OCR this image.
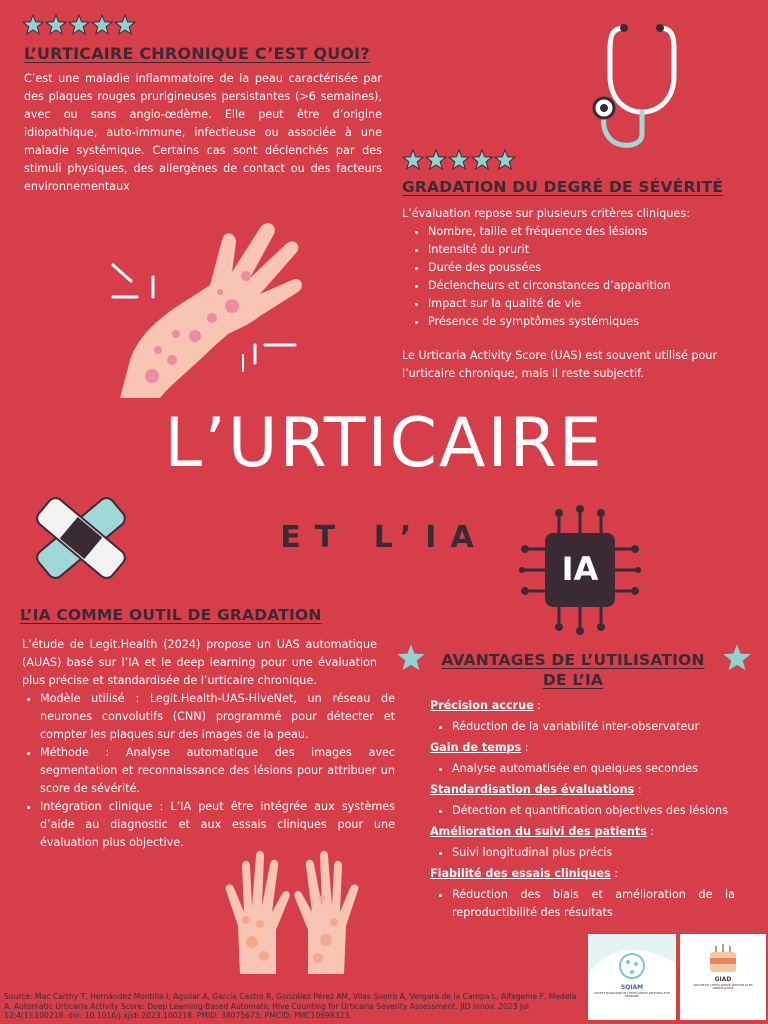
L’URTICAIRE CHRONIQUE C’EST QUOI?
C’est une maladie inflammatoire de la peau caractérisée par des plaques rouges prurigineuses persistantes (>6 semaines), avec ou sans angio-œdème. Elle peut être d’origine idiopathique, auto-immune, infectieuse ou associée à une maladie systémique. Certains cas sont déclenchés par des stimuli physiques, des allergènes de contact ou des facteurs environnementaux	GRADATION DU DEGRÉ DE SÉVÉRITÉ
L’évaluation repose sur plusieurs critères cliniques:
• Nombre, taille et fréquence des lésions
• Intensité du prurit
• Durée des poussées
• Déclencheurs et circonstances d’apparition
• Impact sur la qualité de vie
• Présence de symptômes systémiques
Le Urticaria Activity Score (UAS) est souvent utilisé pour l’urticaire chronique, mais il reste subjectif.
L’URTICAIRE
ET L’IA
IA
L’IA COMME OUTIL DE GRADATION
L’étude de Legit.Health (2024) propose un UAS automatique (AUAS) basé sur l’IA et le deep learning pour une évaluation plus précise et standardisée de l’urticaire chronique.
• Modèle utilisé : Legit.Health-UAS-HiveNet, un réseau de neurones convolutifs (CNN) programmé pour détecter et compter les plaques sur des images de la peau.
• Méthode : Analyse automatique des images avec segmentation et reconnaissance des lésions pour attribuer un score de sévérité.
• Intégration clinique : L’IA peut être intégrée aux systèmes d’aide au diagnostic et aux essais cliniques pour une évaluation plus objective.
AVANTAGES DE L’UTILISATION
DE L’IA
Précision accrue :
• Réduction de la variabilité inter-observateur
Gain de temps :
• Analyse automatisée en quelques secondes
Standardisation des évaluations :
• Détection et quantification objectives des lésions
Amélioration du suivi des patients :
• Suivi longitudinal plus précis
Fiabilité des essais cliniques :
• Réduction des biais et amélioration de la reproductibilité des résultats
Source: Mac Carthy T, Hernández Montilla I, Aguilar A, García Castro R, González Pérez AM, Vilas Sueiro A, Vergara de la Campa L, Alfageme F, Medela A. Automatic Urticaria Activity Score: Deep Learning-Based Automatic Hive Counting for Urticaria Severity Assessment. JID Innov. 2023 Jul 12;4(1):100218. doi: 10.1016/j.xjidi.2023.100218. PMID: 38075673; PMCID: PMC10698323.
SQIAM
SOCIETE MAROCAINE DE L'INTELLIGENCE ARTIFICIELLE EN MEDECINE
GIAD
GROUPE DE L'INTELLIGENCE ARTIFICIELLE EN DERMATOLOGIE
